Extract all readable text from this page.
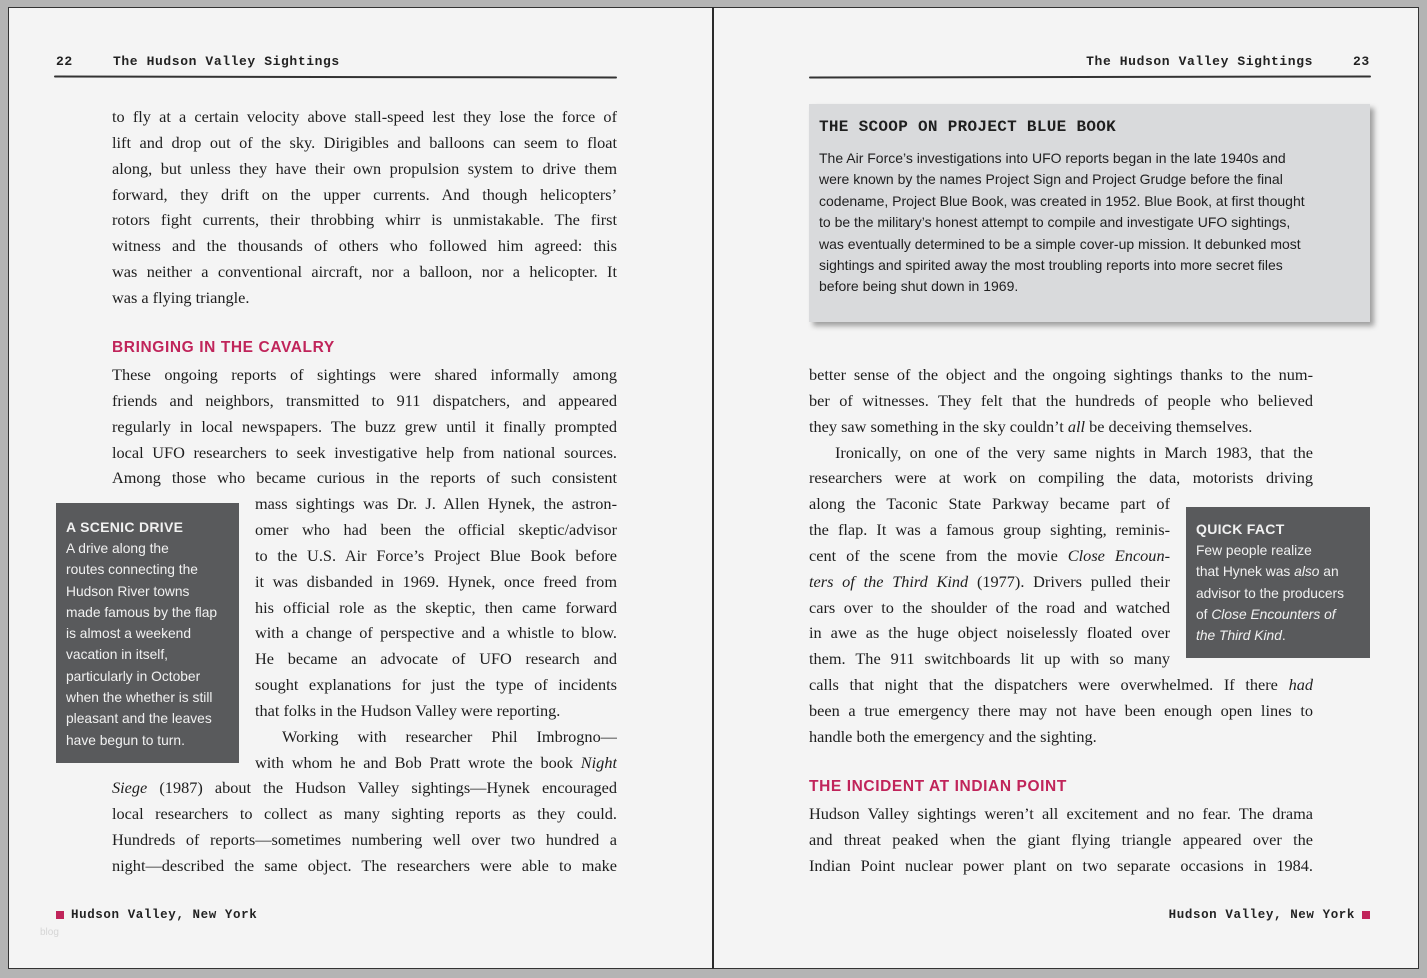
22	The Hudson Valley Sightings
to fly at a certain velocity above stall-speed lest they lose the force of
lift and drop out of the sky. Dirigibles and balloons can seem to float
along, but unless they have their own propulsion system to drive them
forward, they drift on the upper currents. And though helicopters’
rotors fight currents, their throbbing whirr is unmistakable. The first
witness and the thousands of others who followed him agreed: this
was neither a conventional aircraft, nor a balloon, nor a helicopter. It
was a flying triangle.
These ongoing reports of sightings were shared informally among
friends and neighbors, transmitted to 911 dispatchers, and appeared
regularly in local newspapers. The buzz grew until it finally prompted
local UFO researchers to seek investigative help from national sources.
Among those who became curious in the reports of such consistent
mass sightings was Dr. J. Allen Hynek, the astron-
omer who had been the official skeptic/advisor
to the U.S. Air Force’s Project Blue Book before
it was disbanded in 1969. Hynek, once freed from
his official role as the skeptic, then came forward
with a change of perspective and a whistle to blow.
He became an advocate of UFO research and
sought explanations for just the type of incidents
that folks in the Hudson Valley were reporting.
Working with researcher Phil Imbrogno—
with whom he and Bob Pratt wrote the book Night
Siege (1987) about the Hudson Valley sightings—Hynek encouraged
local researchers to collect as many sighting reports as they could.
Hundreds of reports—sometimes numbering well over two hundred a
night—described the same object. The researchers were able to make
BRINGING IN THE CAVALRY
A SCENIC DRIVE
A drive along the
routes connecting the
Hudson River towns
made famous by the flap
is almost a weekend
vacation in itself,
particularly in October
when the whether is still
pleasant and the leaves
have begun to turn.
Hudson Valley, New York
blog
The Hudson Valley Sightings	23
THE SCOOP ON PROJECT BLUE BOOK
The Air Force’s investigations into UFO reports began in the late 1940s and
were known by the names Project Sign and Project Grudge before the final
codename, Project Blue Book, was created in 1952. Blue Book, at first thought
to be the military’s honest attempt to compile and investigate UFO sightings,
was eventually determined to be a simple cover-up mission. It debunked most
sightings and spirited away the most troubling reports into more secret files
before being shut down in 1969.
better sense of the object and the ongoing sightings thanks to the num-
ber of witnesses. They felt that the hundreds of people who believed
they saw something in the sky couldn’t all be deceiving themselves.
Ironically, on one of the very same nights in March 1983, that the
researchers were at work on compiling the data, motorists driving
along the Taconic State Parkway became part of
the flap. It was a famous group sighting, reminis-
cent of the scene from the movie Close Encoun-
ters of the Third Kind (1977). Drivers pulled their
cars over to the shoulder of the road and watched
in awe as the huge object noiselessly floated over
them. The 911 switchboards lit up with so many
calls that night that the dispatchers were overwhelmed. If there had
been a true emergency there may not have been enough open lines to
handle both the emergency and the sighting.
Hudson Valley sightings weren’t all excitement and no fear. The drama
and threat peaked when the giant flying triangle appeared over the
Indian Point nuclear power plant on two separate occasions in 1984.
THE INCIDENT AT INDIAN POINT
QUICK FACT
Few people realize
that Hynek was also an
advisor to the producers
of Close Encounters of
the Third Kind.
Hudson Valley, New York
